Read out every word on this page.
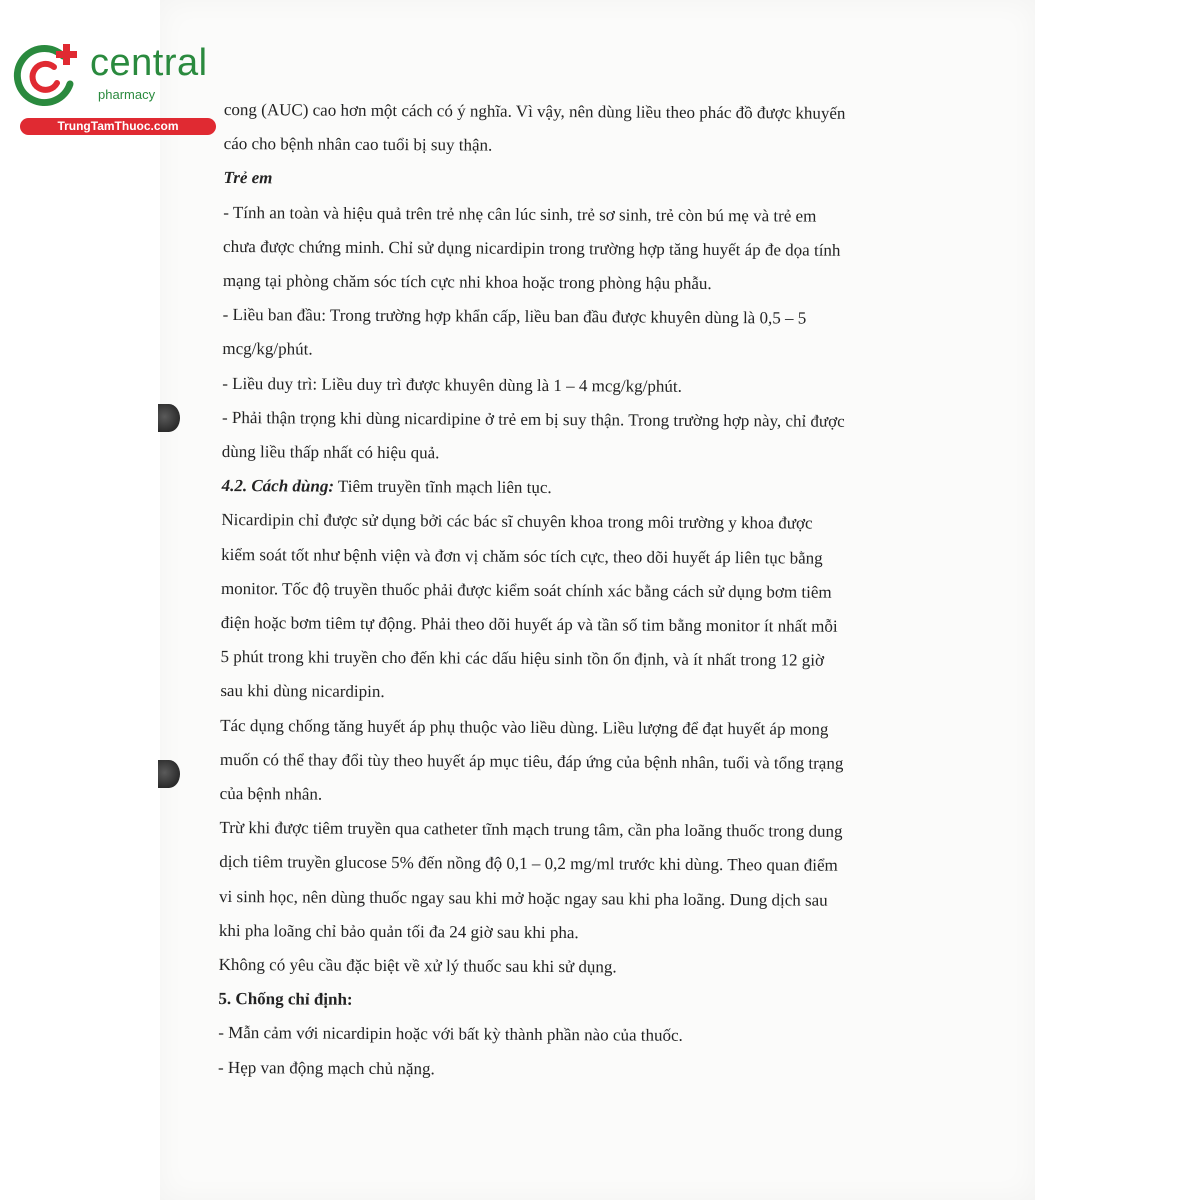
central
pharmacy
TrungTamThuoc.com

cong (AUC) cao hơn một cách có ý nghĩa. Vì vậy, nên dùng liều theo phác đồ được khuyến

cáo cho bệnh nhân cao tuổi bị suy thận.

Trẻ em

- Tính an toàn và hiệu quả trên trẻ nhẹ cân lúc sinh, trẻ sơ sinh, trẻ còn bú mẹ và trẻ em

chưa được chứng minh. Chỉ sử dụng nicardipin trong trường hợp tăng huyết áp đe dọa tính

mạng tại phòng chăm sóc tích cực nhi khoa hoặc trong phòng hậu phẫu.

- Liều ban đầu: Trong trường hợp khẩn cấp, liều ban đầu được khuyên dùng là 0,5 – 5

mcg/kg/phút.

- Liều duy trì: Liều duy trì được khuyên dùng là 1 – 4 mcg/kg/phút.

- Phải thận trọng khi dùng nicardipine ở trẻ em bị suy thận. Trong trường hợp này, chỉ được

dùng liều thấp nhất có hiệu quả.

4.2. Cách dùng: Tiêm truyền tĩnh mạch liên tục.

Nicardipin chỉ được sử dụng bởi các bác sĩ chuyên khoa trong môi trường y khoa được

kiểm soát tốt như bệnh viện và đơn vị chăm sóc tích cực, theo dõi huyết áp liên tục bằng

monitor. Tốc độ truyền thuốc phải được kiểm soát chính xác bằng cách sử dụng bơm tiêm

điện hoặc bơm tiêm tự động. Phải theo dõi huyết áp và tần số tim bằng monitor ít nhất mỗi

5 phút trong khi truyền cho đến khi các dấu hiệu sinh tồn ổn định, và ít nhất trong 12 giờ

sau khi dùng nicardipin.

Tác dụng chống tăng huyết áp phụ thuộc vào liều dùng. Liều lượng để đạt huyết áp mong

muốn có thể thay đổi tùy theo huyết áp mục tiêu, đáp ứng của bệnh nhân, tuổi và tổng trạng

của bệnh nhân.

Trừ khi được tiêm truyền qua catheter tĩnh mạch trung tâm, cần pha loãng thuốc trong dung

dịch tiêm truyền glucose 5% đến nồng độ 0,1 – 0,2 mg/ml trước khi dùng. Theo quan điểm

vi sinh học, nên dùng thuốc ngay sau khi mở hoặc ngay sau khi pha loãng. Dung dịch sau

khi pha loãng chỉ bảo quản tối đa 24 giờ sau khi pha.

Không có yêu cầu đặc biệt về xử lý thuốc sau khi sử dụng.

5. Chống chỉ định:

- Mẫn cảm với nicardipin hoặc với bất kỳ thành phần nào của thuốc.

- Hẹp van động mạch chủ nặng.
